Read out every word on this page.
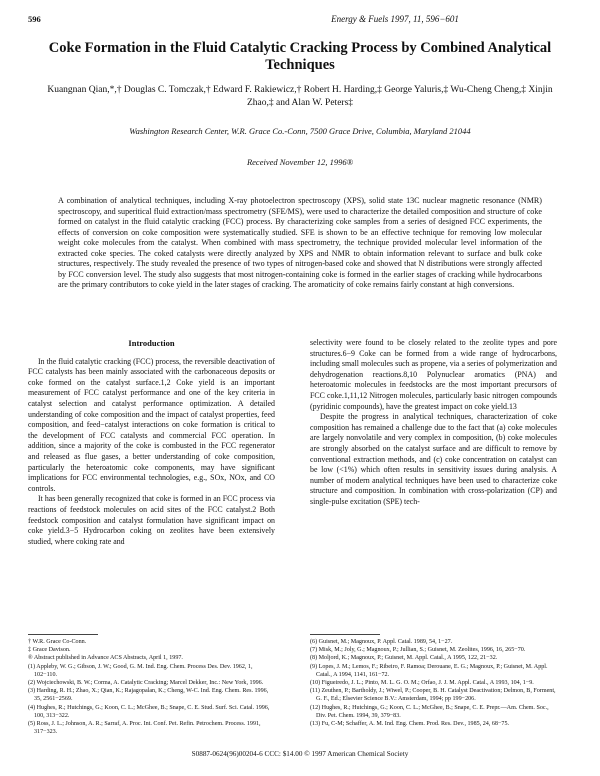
596	Energy & Fuels 1997, 11, 596−601
Coke Formation in the Fluid Catalytic Cracking Process by Combined Analytical Techniques
Kuangnan Qian,*,† Douglas C. Tomczak,† Edward F. Rakiewicz,† Robert H. Harding,‡ George Yaluris,‡ Wu-Cheng Cheng,‡ Xinjin Zhao,‡ and Alan W. Peters‡
Washington Research Center, W.R. Grace Co.-Conn, 7500 Grace Drive, Columbia, Maryland 21044
Received November 12, 1996®
A combination of analytical techniques, including X-ray photoelectron spectroscopy (XPS), solid state 13C nuclear magnetic resonance (NMR) spectroscopy, and superitical fluid extraction/mass spectrometry (SFE/MS), were used to characterize the detailed composition and structure of coke formed on catalyst in the fluid catalytic cracking (FCC) process. By characterizing coke samples from a series of designed FCC experiments, the effects of conversion on coke composition were systematically studied. SFE is shown to be an effective technique for removing low molecular weight coke molecules from the catalyst. When combined with mass spectrometry, the technique provided molecular level information of the extracted coke species. The coked catalysts were directly analyzed by XPS and NMR to obtain information relevant to surface and bulk coke structures, respectively. The study revealed the presence of two types of nitrogen-based coke and showed that N distributions were strongly affected by FCC conversion level. The study also suggests that most nitrogen-containing coke is formed in the earlier stages of cracking while hydrocarbons are the primary contributors to coke yield in the later stages of cracking. The aromaticity of coke remains fairly constant at high conversions.

Introduction

In the fluid catalytic cracking (FCC) process, the reversible deactivation of FCC catalysts has been mainly associated with the carbonaceous deposits or coke formed on the catalyst surface.1,2 Coke yield is an important measurement of FCC catalyst performance and one of the key criteria in catalyst selection and catalyst performance optimization. A detailed understanding of coke composition and the impact of catalyst properties, feed composition, and feed−catalyst interactions on coke formation is critical to the development of FCC catalysts and commercial FCC operation. In addition, since a majority of the coke is combusted in the FCC regenerator and released as flue gases, a better understanding of coke composition, particularly the heteroatomic coke components, may have significant implications for FCC environmental technologies, e.g., SOx, NOx, and CO controls.

It has been generally recognized that coke is formed in an FCC process via reactions of feedstock molecules on acid sites of the FCC catalyst.2 Both feedstock composition and catalyst formulation have significant impact on coke yield.3−5 Hydrocarbon coking on zeolites have been extensively studied, where coking rate and

selectivity were found to be closely related to the zeolite types and pore structures.6−9 Coke can be formed from a wide range of hydrocarbons, including small molecules such as propene, via a series of polymerization and dehydrogenation reactions.8,10 Polynuclear aromatics (PNA) and heteroatomic molecules in feedstocks are the most important precursors of FCC coke.1,11,12 Nitrogen molecules, particularly basic nitrogen compounds (pyridinic compounds), have the greatest impact on coke yield.13

Despite the progress in analytical techniques, characterization of coke composition has remained a challenge due to the fact that (a) coke molecules are largely nonvolatile and very complex in composition, (b) coke molecules are strongly absorbed on the catalyst surface and are difficult to remove by conventional extraction methods, and (c) coke concentration on catalyst can be low (<1%) which often results in sensitivity issues during analysis. A number of modern analytical techniques have been used to characterize coke structure and composition. In combination with cross-polarization (CP) and single-pulse excitation (SPE) tech-

† W.R. Grace Co-Conn.
‡ Grace Davison.
® Abstract published in Advance ACS Abstracts, April 1, 1997.
(1) Appleby, W. G.; Gibson, J. W.; Good, G. M. Ind. Eng. Chem. Process Des. Dev. 1962, 1, 102−110.
(2) Wojciechowski, B. W.; Corma, A. Catalytic Cracking; Marcel Dekker, Inc.: New York, 1996.
(3) Harding, R. H.; Zhao, X.; Qian, K.; Rajagopalan, K.; Cheng, W-C. Ind. Eng. Chem. Res. 1996, 35, 2561−2569.
(4) Hughes, R.; Hutchings, G.; Koon, C. L.; McGhee, B.; Snape, C. E. Stud. Surf. Sci. Catal. 1996, 100, 313−322.
(5) Ross, J. L.; Johnson, A. R.; Sarraf, A. Proc. Int. Conf. Pet. Refin. Petrochem. Process. 1991, 317−323.
(6) Guisnet, M.; Magnoux, P. Appl. Catal. 1989, 54, 1−27.
(7) Misk, M.; Joly, G.; Magnoux, P.; Jullian, S.; Guisnet, M. Zeolites, 1996, 16, 265−70.
(8) Moljord, K.; Magnoux, P.; Guisnet, M. Appl. Catal., A 1995, 122, 21−32.
(9) Lopes, J. M.; Lemos, F.; Ribeiro, F. Ramoa; Derouane, E. G.; Magnoux, P.; Guisnet, M. Appl. Catal., A 1994, 1141, 161−72.
(10) Figueiredo, J. L.; Pinto, M. L. G. O. M.; Orfao, J. J. M. Appl. Catal., A 1993, 104, 1−9.
(11) Zeuthen, P.; Bartholdy, J.; Wiwel, P.; Cooper, B. H. Catalyst Deactivation; Delmon, B, Forment, G. F., Ed.; Elsevier Science B.V.: Amsterdam, 1994; pp 199−206.
(12) Hughes, R.; Hutchings, G.; Koon, C. L.; McGhee, B.; Snape, C. E. Prepr.—Am. Chem. Soc., Div. Pet. Chem. 1994, 39, 379−83.
(13) Fu, C-M; Schaffer, A. M. Ind. Eng. Chem. Prod. Res. Dev., 1985, 24, 68−75.
S0887-0624(96)00204-6 CCC: $14.00 © 1997 American Chemical Society
